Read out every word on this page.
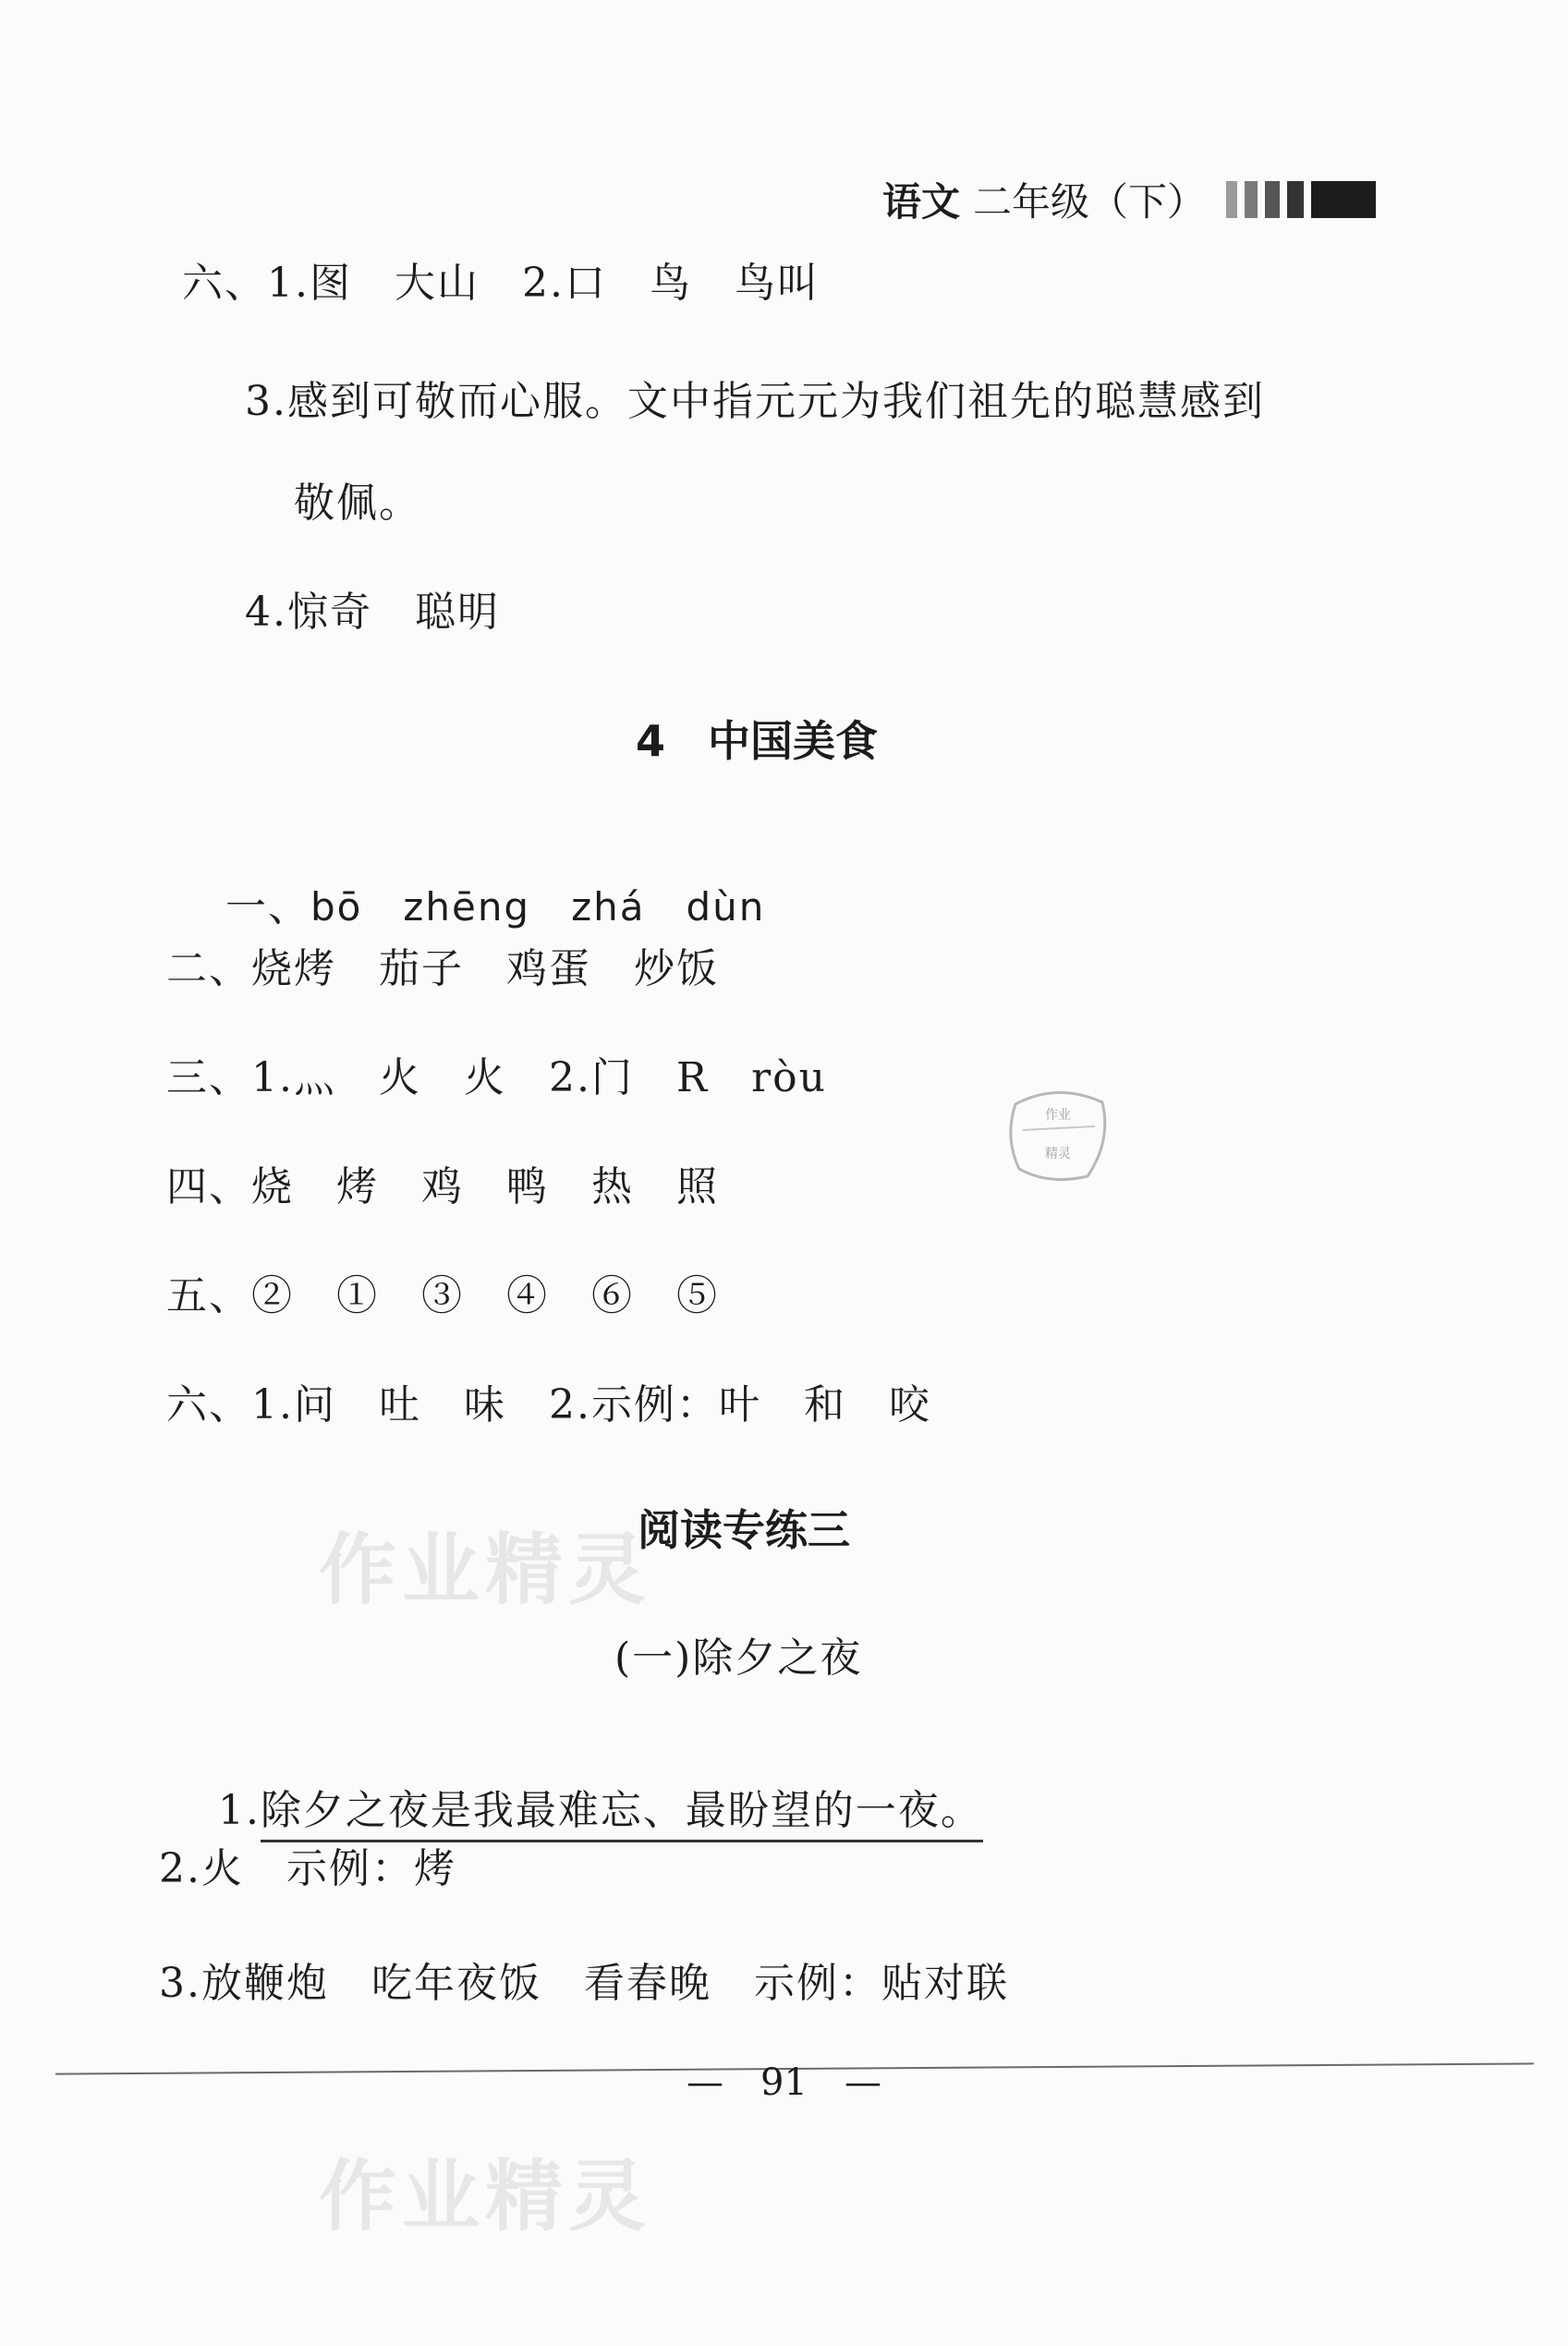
语文 二年级（下）
六、1.图　大山　2.口　鸟　鸟叫
3.感到可敬而心服。文中指元元为我们祖先的聪慧感到
敬佩。
4.惊奇　聪明
4　中国美食

一、bō　zhēng　zhá　dùn

二、烧烤　茄子　鸡蛋　炒饭
三、1.灬　火　火　2.门　R　ròu
四、烧　烤　鸡　鸭　热　照
五、②　①　③　④　⑥　⑤
六、1.问　吐　味　2.示例：叶　和　咬
阅读专练三
(一)除夕之夜

1.除夕之夜是我最难忘、最盼望的一夜。

2.火　示例：烤
3.放鞭炮　吃年夜饭　看春晚　示例：贴对联
—　91　—
作业精灵
作业精灵
作业
精灵
